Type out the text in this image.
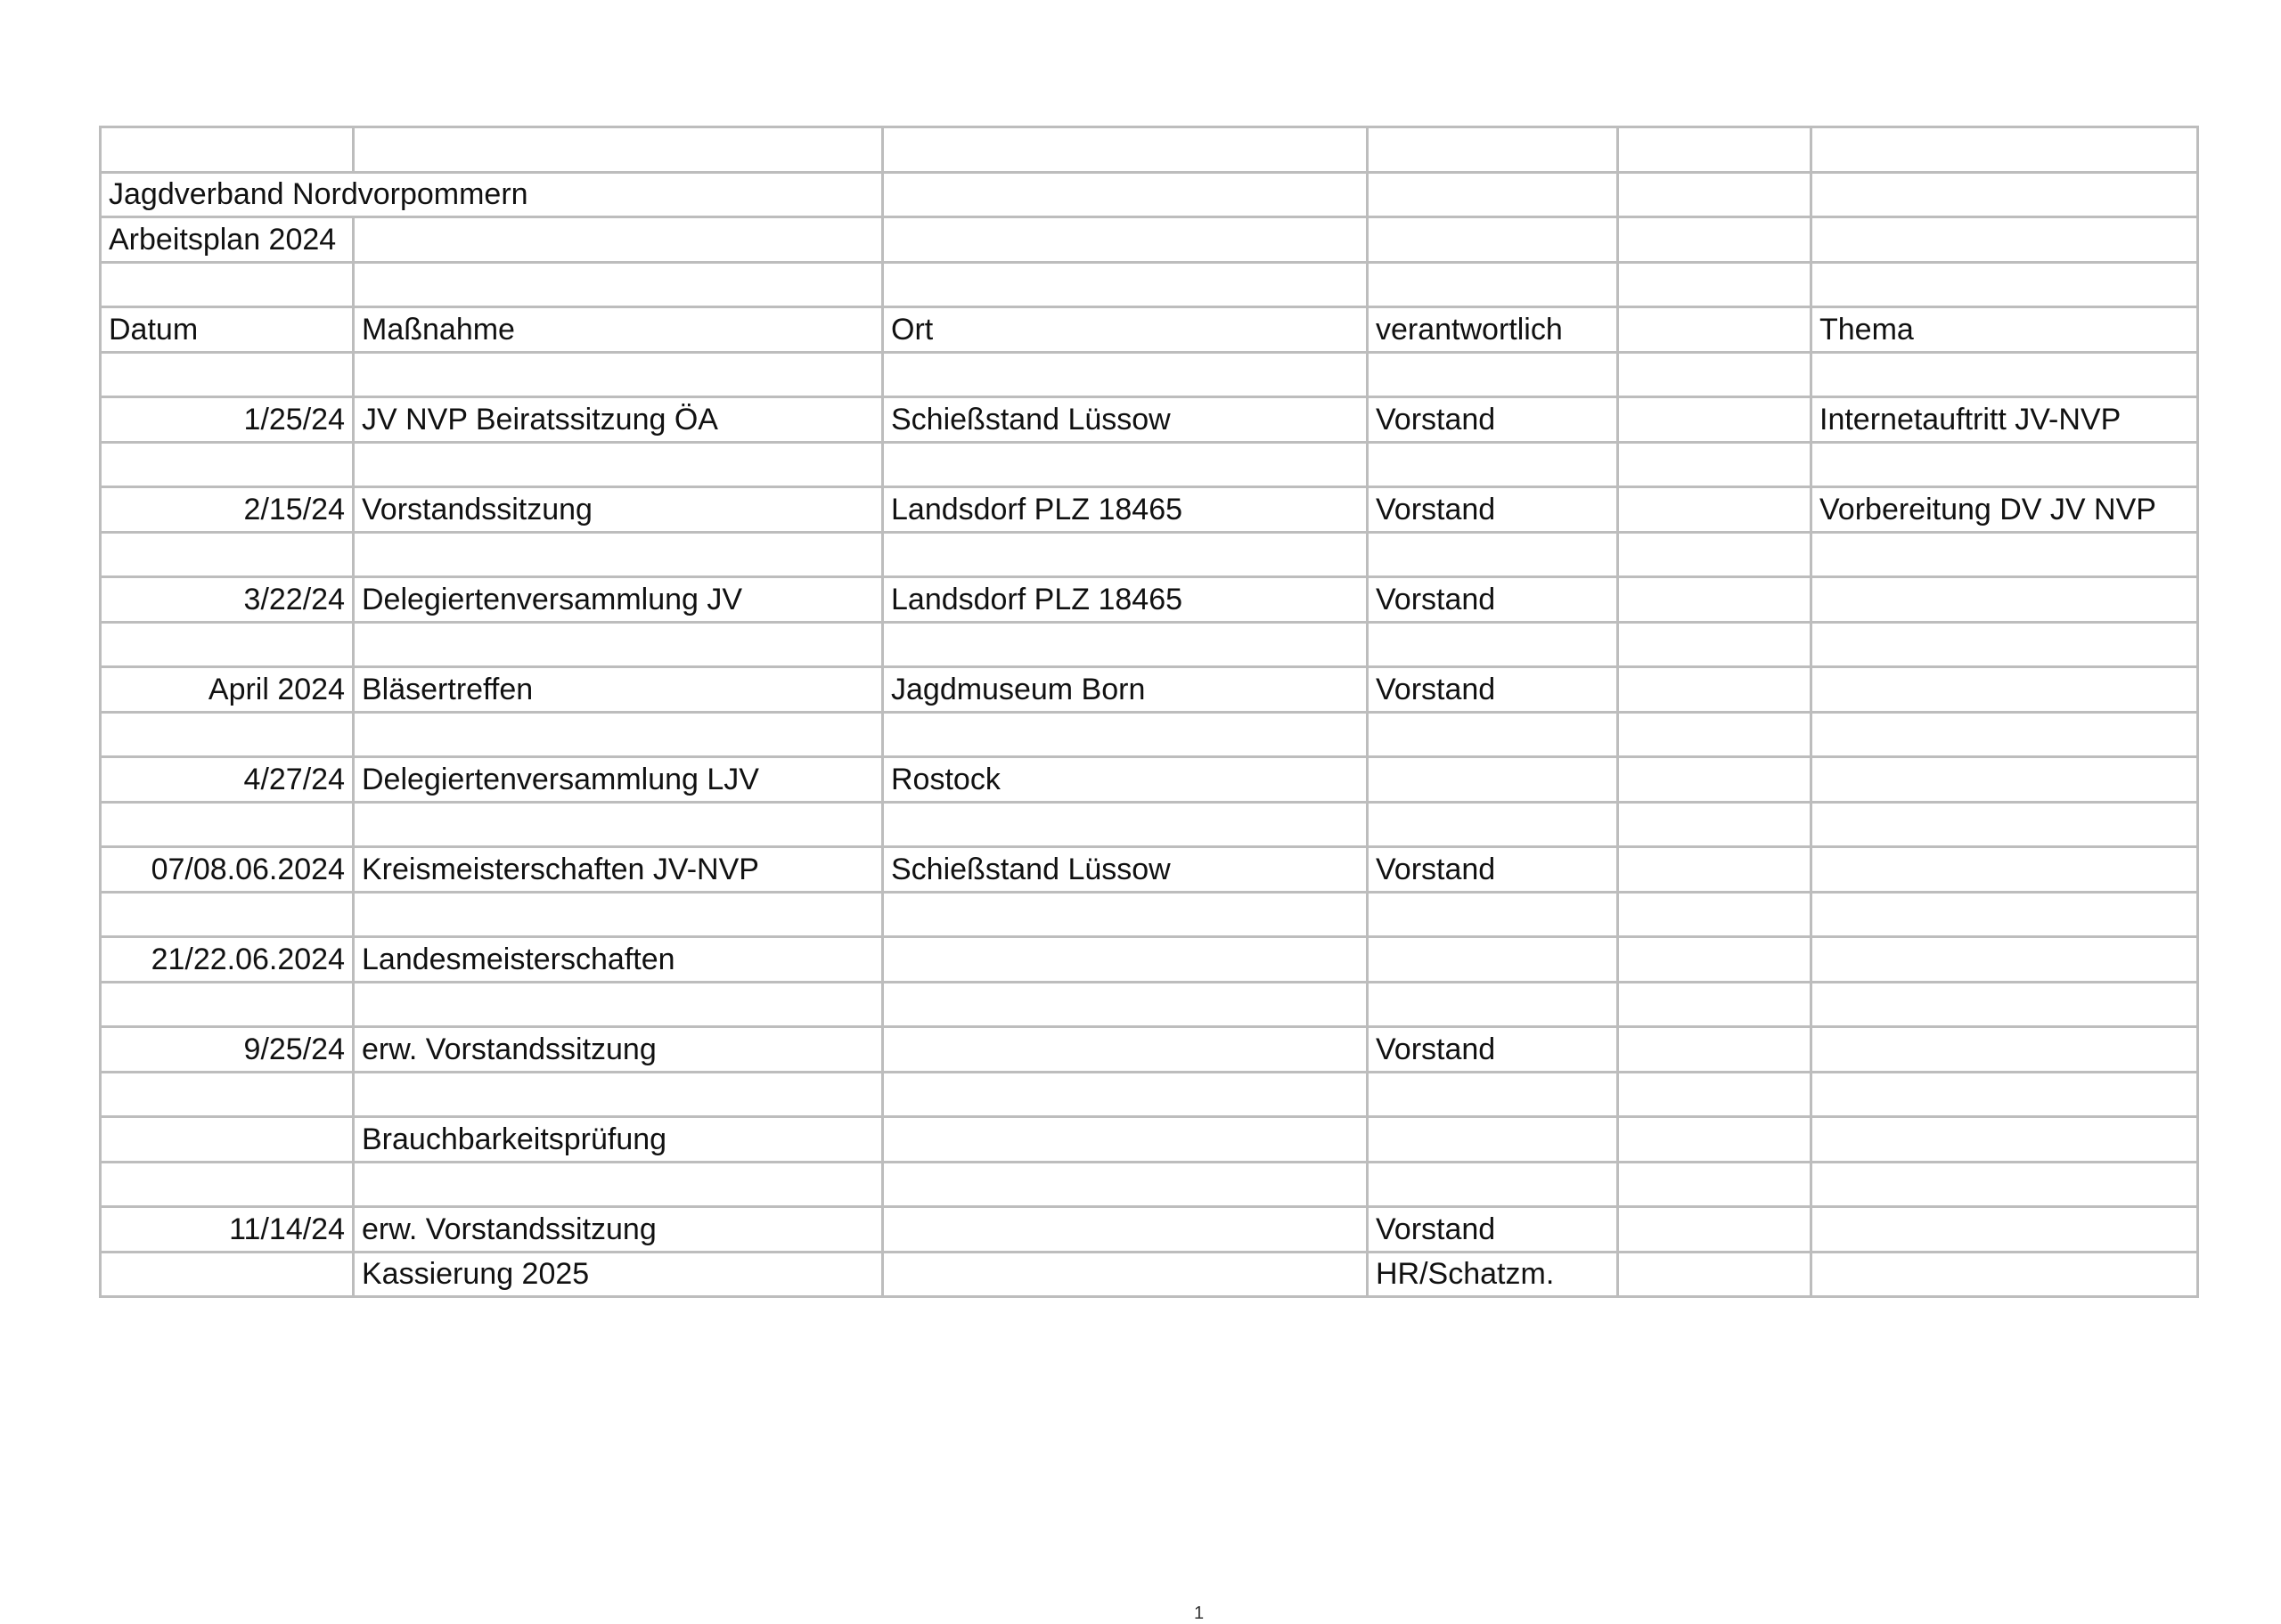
Jagdverband Nordvorpommern					
Arbeitsplan 2024					

Datum	Maßnahme	Ort	verantwortlich		Thema

1/25/24	JV NVP Beiratssitzung ÖA	Schießstand Lüssow	Vorstand		Internetauftritt JV-NVP

2/15/24	Vorstandssitzung	Landsdorf PLZ 18465	Vorstand		Vorbereitung DV JV NVP

3/22/24	Delegiertenversammlung JV	Landsdorf PLZ 18465	Vorstand		

April 2024	Bläsertreffen	Jagdmuseum Born	Vorstand		

4/27/24	Delegiertenversammlung LJV	Rostock			

07/08.06.2024	Kreismeisterschaften JV-NVP	Schießstand Lüssow	Vorstand		

21/22.06.2024	Landesmeisterschaften				

9/25/24	erw. Vorstandssitzung		Vorstand		

	Brauchbarkeitsprüfung				

11/14/24	erw. Vorstandssitzung		Vorstand		
	Kassierung 2025		HR/Schatzm.		
1
